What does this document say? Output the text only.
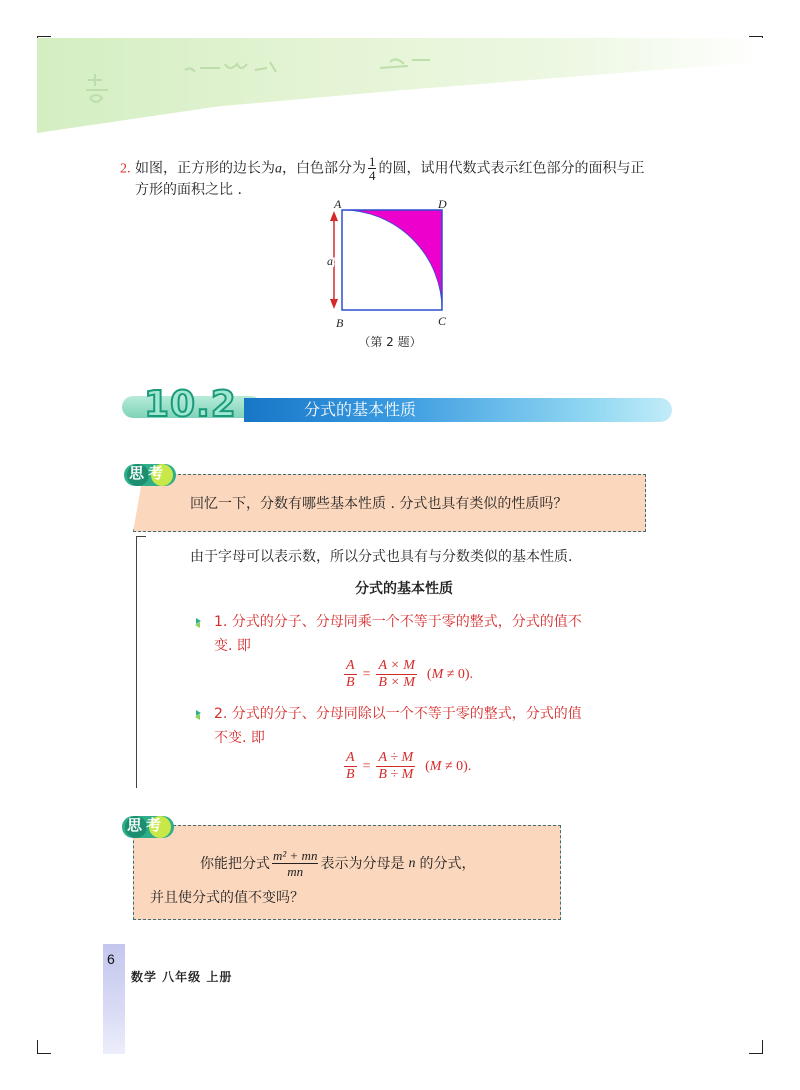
2. 如图，正方形的边长为a，白色部分为 $\frac{1}{4}$ 的圆，试用代数式表示红色部分的面积与正
方形的面积之比 .
a
A	D
B	C
（第 2 题）
10.2	分式的基本性质
思考
回忆一下，分数有哪些基本性质 . 分式也具有类似的性质吗？
由于字母可以表示数，所以分式也具有与分数类似的基本性质.
分式的基本性质
1. 分式的分子、分母同乘一个不等于零的整式，分式的值不
变. 即
$\frac{A}{B} = \frac{A \times M}{B \times M} (M \ne 0)$.
2. 分式的分子、分母同除以一个不等于零的整式，分式的值
不变. 即
$\frac{A}{B} = \frac{A \div M}{B \div M} (M \ne 0)$.
思考
你能把分式 $\frac{\text{m² + mn}}{mn}$ 表示为分母是 n 的分式，
并且使分式的值不变吗？
6
数学 八年级 上册
